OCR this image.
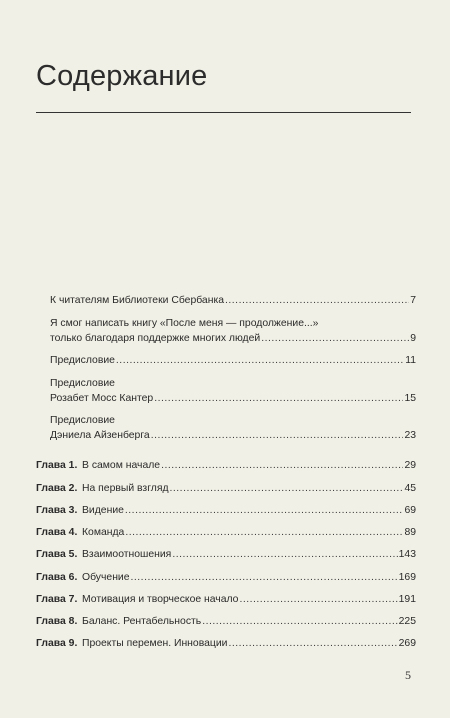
Содержание
К читателям Библиотеки Сбербанка .....	7
Я смог написать книгу «После меня — продолжение...»
только благодаря поддержке многих людей .....	9
Предисловие .....	11
Предисловие
Розабет Мосс Кантер .....	15
Предисловие
Дэниела Айзенберга .....	23
Глава 1. В самом начале .....	29
Глава 2. На первый взгляд .....	45
Глава 3. Видение .....	69
Глава 4. Команда .....	89
Глава 5. Взаимоотношения .....	143
Глава 6. Обучение .....	169
Глава 7. Мотивация и творческое начало .....	191
Глава 8. Баланс. Рентабельность .....	225
Глава 9. Проекты перемен. Инновации .....	269
5
